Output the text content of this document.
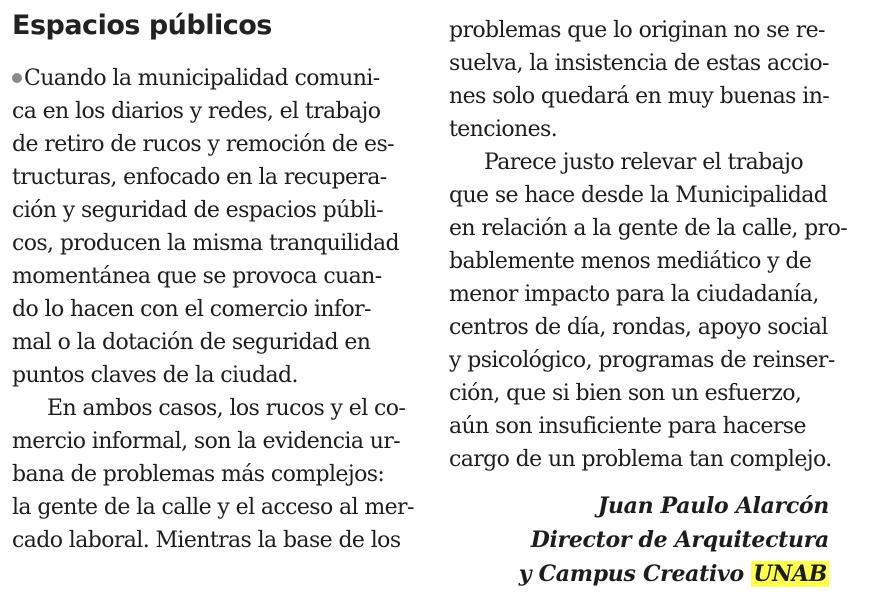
Espacios públicos
Cuando la municipalidad comuni-
ca en los diarios y redes, el trabajo
de retiro de rucos y remoción de es-
tructuras, enfocado en la recupera-
ción y seguridad de espacios públi-
cos, producen la misma tranquilidad
momentánea que se provoca cuan-
do lo hacen con el comercio infor-
mal o la dotación de seguridad en
puntos claves de la ciudad.
En ambos casos, los rucos y el co-
mercio informal, son la evidencia ur-
bana de problemas más complejos:
la gente de la calle y el acceso al mer-
cado laboral. Mientras la base de los
problemas que lo originan no se re-
suelva, la insistencia de estas accio-
nes solo quedará en muy buenas in-
tenciones.
Parece justo relevar el trabajo
que se hace desde la Municipalidad
en relación a la gente de la calle, pro-
bablemente menos mediático y de
menor impacto para la ciudadanía,
centros de día, rondas, apoyo social
y psicológico, programas de reinser-
ción, que si bien son un esfuerzo,
aún son insuficiente para hacerse
cargo de un problema tan complejo.
Juan Paulo Alarcón
Director de Arquitectura
y Campus Creativo UNAB
